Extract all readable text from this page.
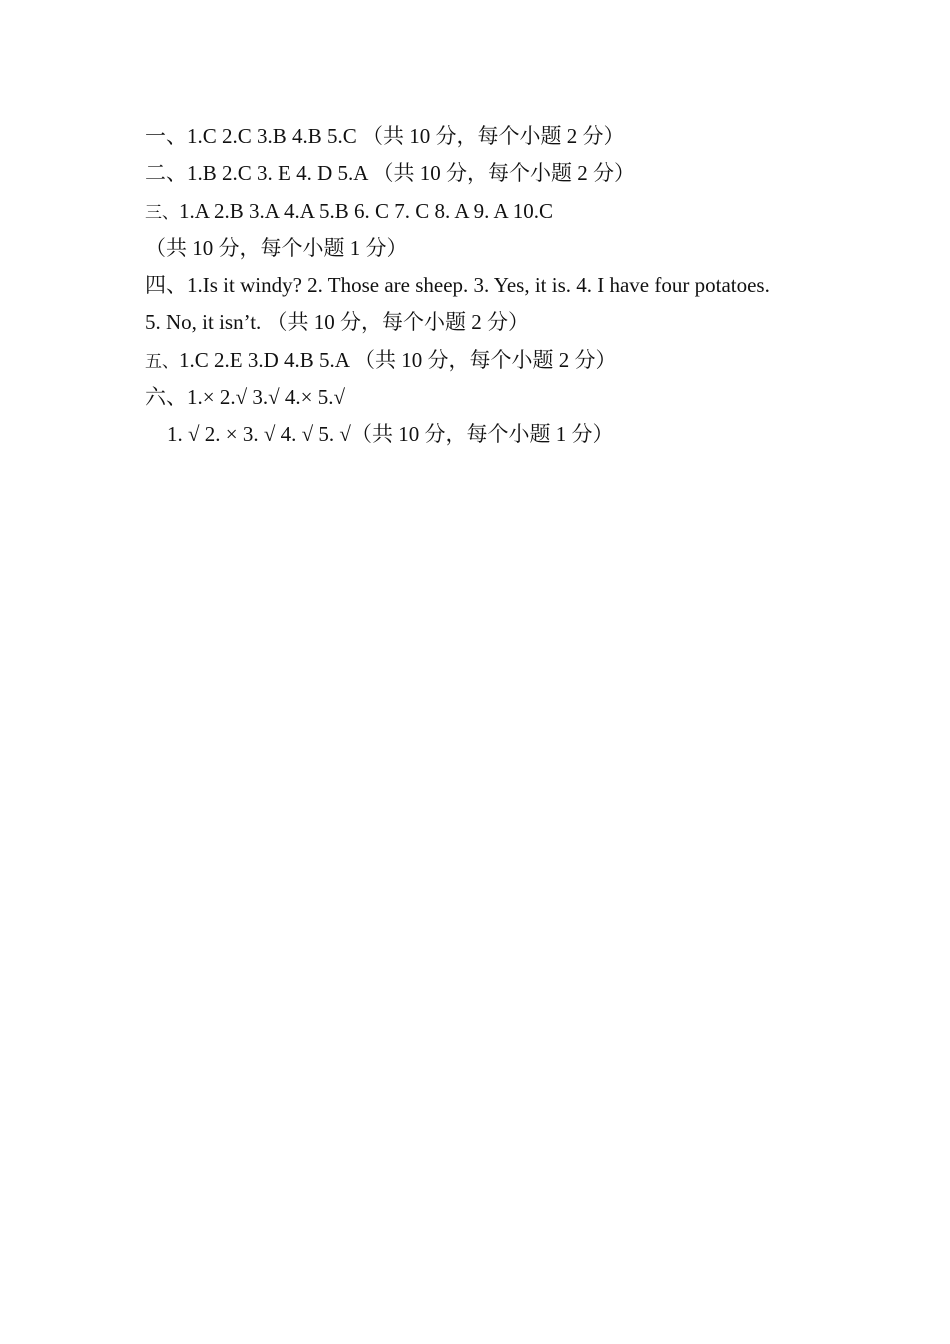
一、1.C 2.C 3.B 4.B 5.C （共 10 分，每个小题 2 分）
二、1.B 2.C 3. E 4. D 5.A （共 10 分，每个小题 2 分）
三、1.A 2.B 3.A 4.A 5.B 6. C 7. C 8. A 9. A 10.C
（共 10 分，每个小题 1 分）
四、1.Is it windy? 2. Those are sheep. 3. Yes, it is. 4. I have four potatoes.
5. No, it isn’t. （共 10 分，每个小题 2 分）
五、1.C 2.E 3.D 4.B 5.A （共 10 分，每个小题 2 分）
六、1.× 2.√ 3.√ 4.× 5.√
1. √ 2. × 3. √ 4. √ 5. √（共 10 分，每个小题 1 分）
